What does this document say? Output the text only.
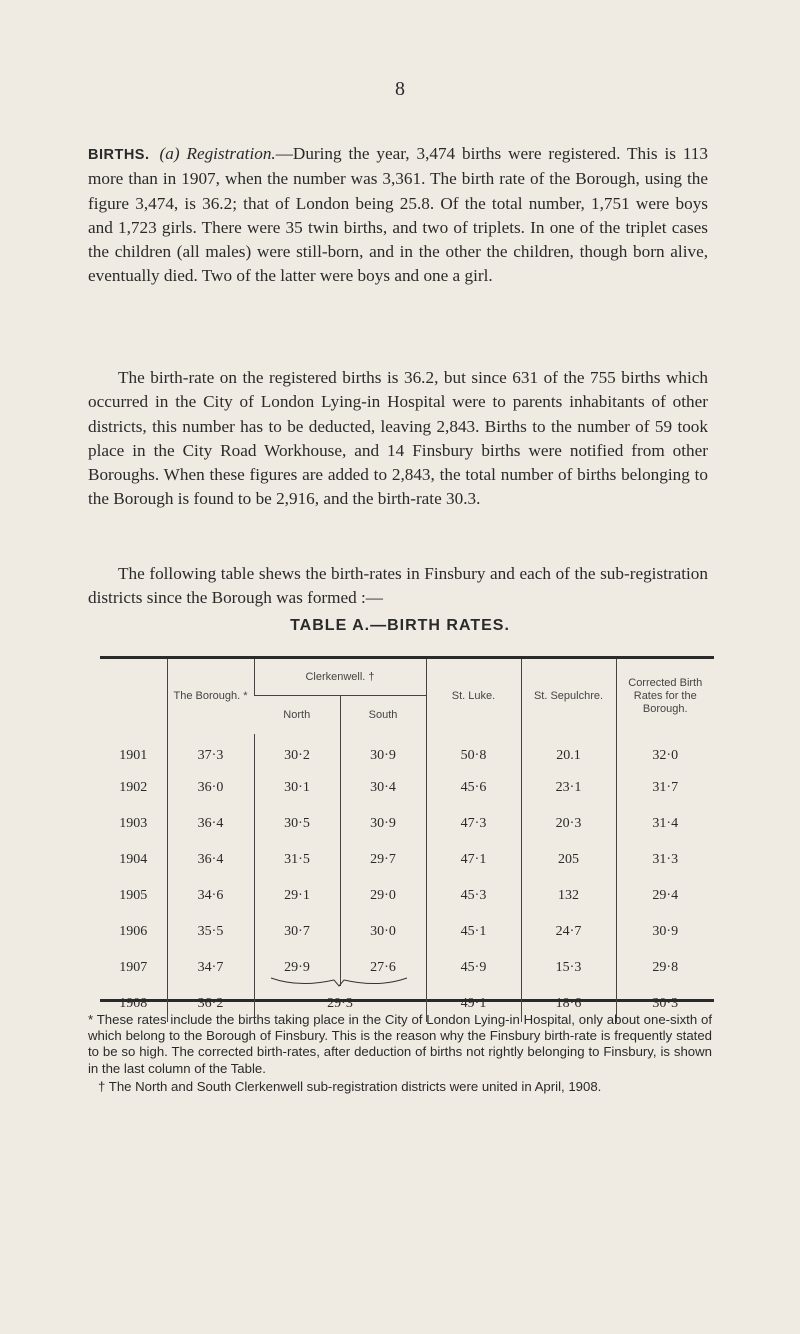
8
BIRTHS. (a) Registration.—During the year, 3,474 births were registered. This is 113 more than in 1907, when the number was 3,361. The birth rate of the Borough, using the figure 3,474, is 36.2; that of London being 25.8. Of the total number, 1,751 were boys and 1,723 girls. There were 35 twin births, and two of triplets. In one of the triplet cases the children (all males) were still-born, and in the other the children, though born alive, eventually died. Two of the latter were boys and one a girl.
The birth-rate on the registered births is 36.2, but since 631 of the 755 births which occurred in the City of London Lying-in Hospital were to parents inhabitants of other districts, this number has to be deducted, leaving 2,843. Births to the number of 59 took place in the City Road Workhouse, and 14 Finsbury births were notified from other Boroughs. When these figures are added to 2,843, the total number of births belonging to the Borough is found to be 2,916, and the birth-rate 30.3.
The following table shews the birth-rates in Finsbury and each of the sub-registration districts since the Borough was formed :—
TABLE A.—BIRTH RATES.
	The Borough. *	Clerkenwell. †		St. Luke.	St. Sepulchre.	Corrected Birth Rates for the Borough.
		North	South			
1901	37·3	30·2	30·9	50·8	20.1	32·0
1902	36·0	30·1	30·4	45·6	23·1	31·7
1903	36·4	30·5	30·9	47·3	20·3	31·4
1904	36·4	31·5	29·7	47·1	205	31·3
1905	34·6	29·1	29·0	45·3	132	29·4
1906	35·5	30·7	30·0	45·1	24·7	30·9
1907	34·7	29·9	27·6	45·9	15·3	29·8
1908	36·2	29·3		49·1	18·6	30·3

* These rates include the births taking place in the City of London Lying-in Hospital, only about one-sixth of which belong to the Borough of Finsbury. This is the reason why the Finsbury birth-rate is frequently stated to be so high. The corrected birth-rates, after deduction of births not rightly belonging to Finsbury, is shown in the last column of the Table.

† The North and South Clerkenwell sub-registration districts were united in April, 1908.
